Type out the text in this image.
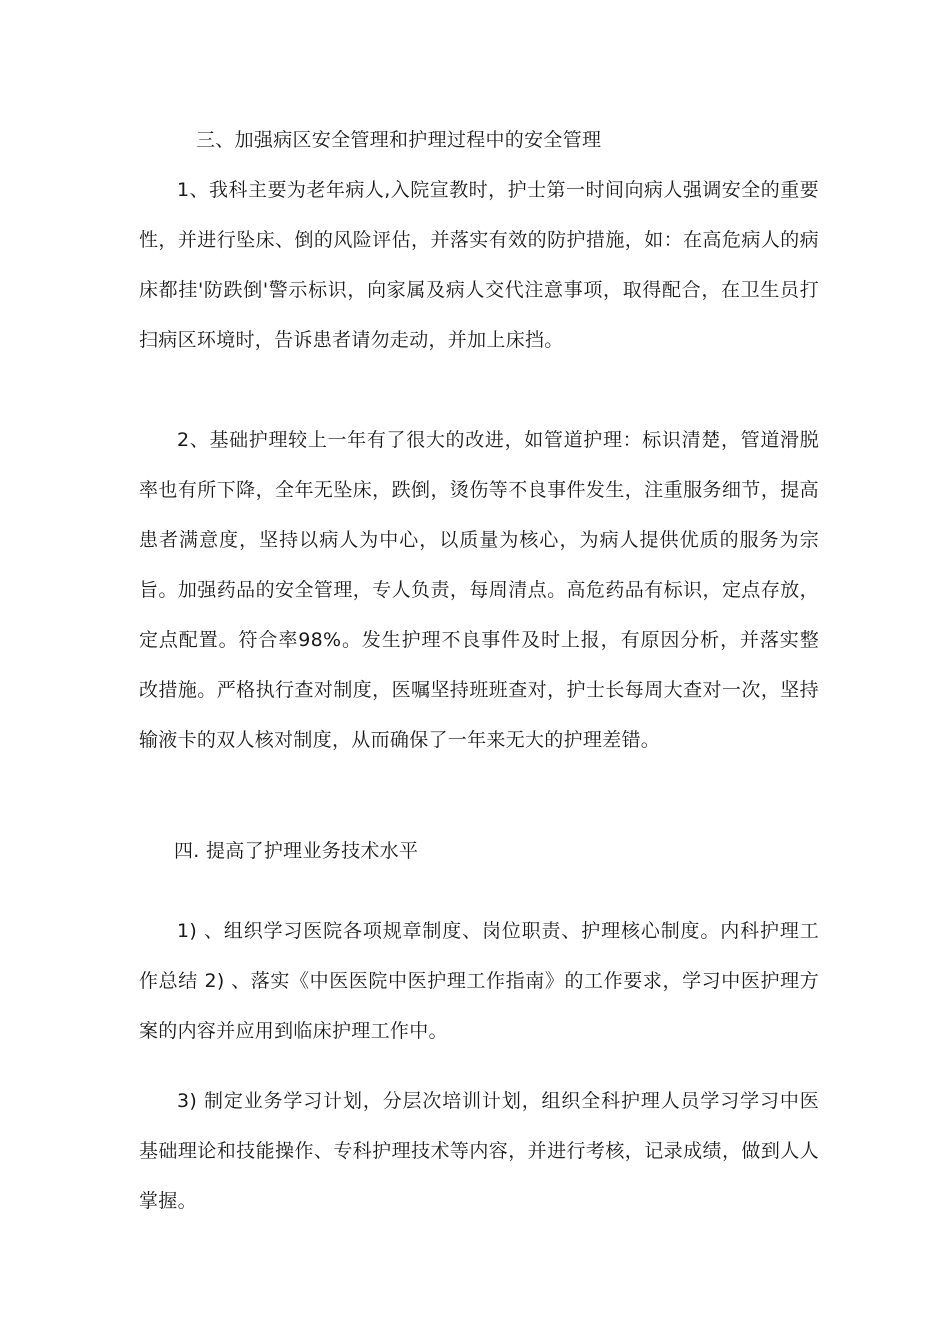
三、加强病区安全管理和护理过程中的安全管理

1、我科主要为老年病人,入院宣教时，护士第一时间向病人强调安全的重要性，并进行坠床、倒的风险评估，并落实有效的防护措施，如：在高危病人的病床都挂'防跌倒'警示标识，向家属及病人交代注意事项，取得配合，在卫生员打扫病区环境时，告诉患者请勿走动，并加上床挡。

2、基础护理较上一年有了很大的改进，如管道护理：标识清楚，管道滑脱率也有所下降，全年无坠床，跌倒，烫伤等不良事件发生，注重服务细节，提高患者满意度，坚持以病人为中心，以质量为核心，为病人提供优质的服务为宗旨。加强药品的安全管理，专人负责，每周清点。高危药品有标识，定点存放，定点配置。符合率98%。发生护理不良事件及时上报，有原因分析，并落实整改措施。严格执行查对制度，医嘱坚持班班查对，护士长每周大查对一次，坚持输液卡的双人核对制度，从而确保了一年来无大的护理差错。

四. 提高了护理业务技术水平

1) 、组织学习医院各项规章制度、岗位职责、护理核心制度。内科护理工作总结 2) 、落实《中医医院中医护理工作指南》的工作要求，学习中医护理方案的内容并应用到临床护理工作中。

3) 制定业务学习计划，分层次培训计划，组织全科护理人员学习学习中医基础理论和技能操作、专科护理技术等内容，并进行考核，记录成绩，做到人人掌握。
